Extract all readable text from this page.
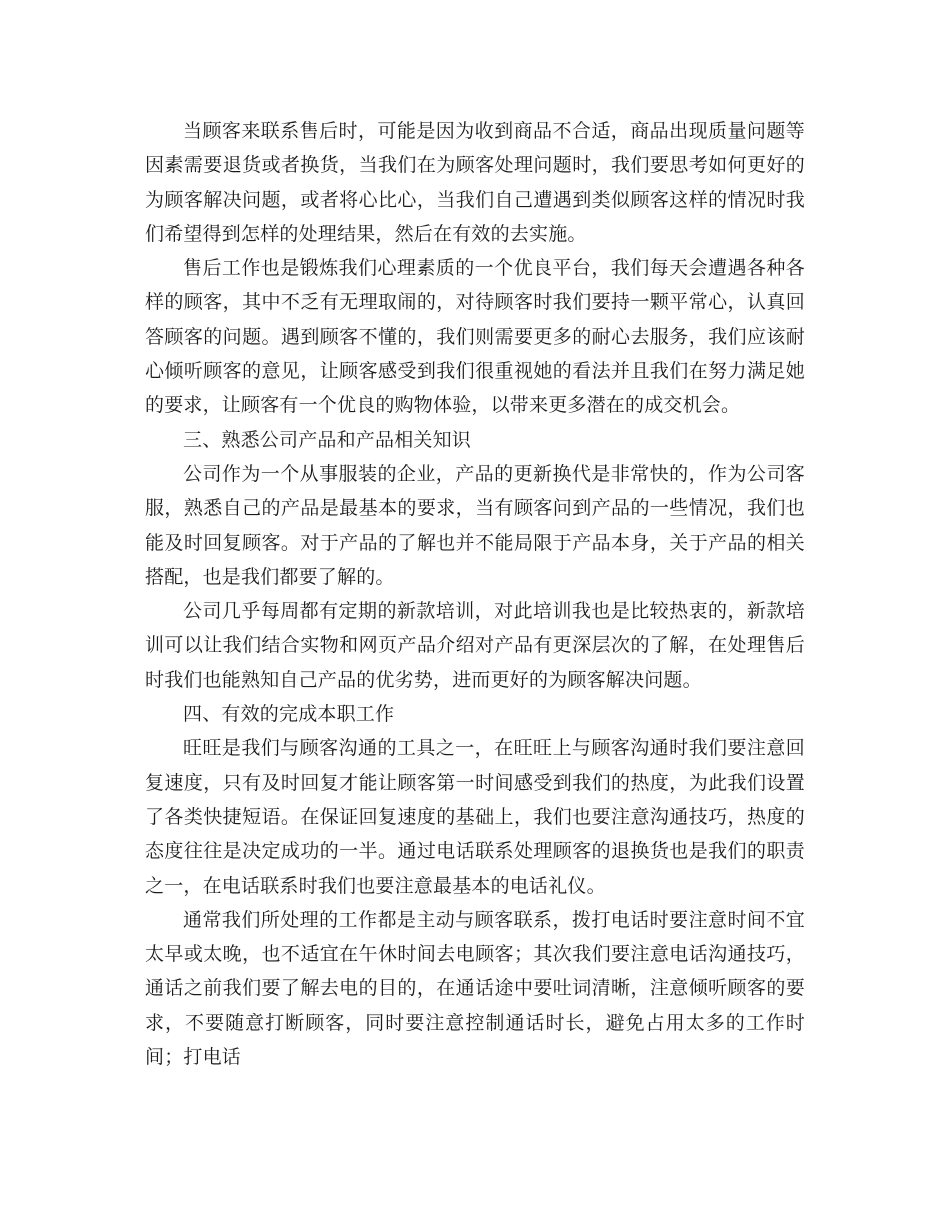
当顾客来联系售后时，可能是因为收到商品不合适，商品出现质量问题等因素需要退货或者换货，当我们在为顾客处理问题时，我们要思考如何更好的为顾客解决问题，或者将心比心，当我们自己遭遇到类似顾客这样的情况时我们希望得到怎样的处理结果，然后在有效的去实施。

售后工作也是锻炼我们心理素质的一个优良平台，我们每天会遭遇各种各样的顾客，其中不乏有无理取闹的，对待顾客时我们要持一颗平常心，认真回答顾客的问题。遇到顾客不懂的，我们则需要更多的耐心去服务，我们应该耐心倾听顾客的意见，让顾客感受到我们很重视她的看法并且我们在努力满足她的要求，让顾客有一个优良的购物体验，以带来更多潜在的成交机会。

三、熟悉公司产品和产品相关知识

公司作为一个从事服装的企业，产品的更新换代是非常快的，作为公司客服，熟悉自己的产品是最基本的要求，当有顾客问到产品的一些情况，我们也能及时回复顾客。对于产品的了解也并不能局限于产品本身，关于产品的相关搭配，也是我们都要了解的。

公司几乎每周都有定期的新款培训，对此培训我也是比较热衷的，新款培训可以让我们结合实物和网页产品介绍对产品有更深层次的了解，在处理售后时我们也能熟知自己产品的优劣势，进而更好的为顾客解决问题。

四、有效的完成本职工作

旺旺是我们与顾客沟通的工具之一，在旺旺上与顾客沟通时我们要注意回复速度，只有及时回复才能让顾客第一时间感受到我们的热度，为此我们设置了各类快捷短语。在保证回复速度的基础上，我们也要注意沟通技巧，热度的态度往往是决定成功的一半。通过电话联系处理顾客的退换货也是我们的职责之一，在电话联系时我们也要注意最基本的电话礼仪。

通常我们所处理的工作都是主动与顾客联系，拨打电话时要注意时间不宜太早或太晚，也不适宜在午休时间去电顾客；其次我们要注意电话沟通技巧，通话之前我们要了解去电的目的，在通话途中要吐词清晰，注意倾听顾客的要求，不要随意打断顾客，同时要注意控制通话时长，避免占用太多的工作时间；打电话
